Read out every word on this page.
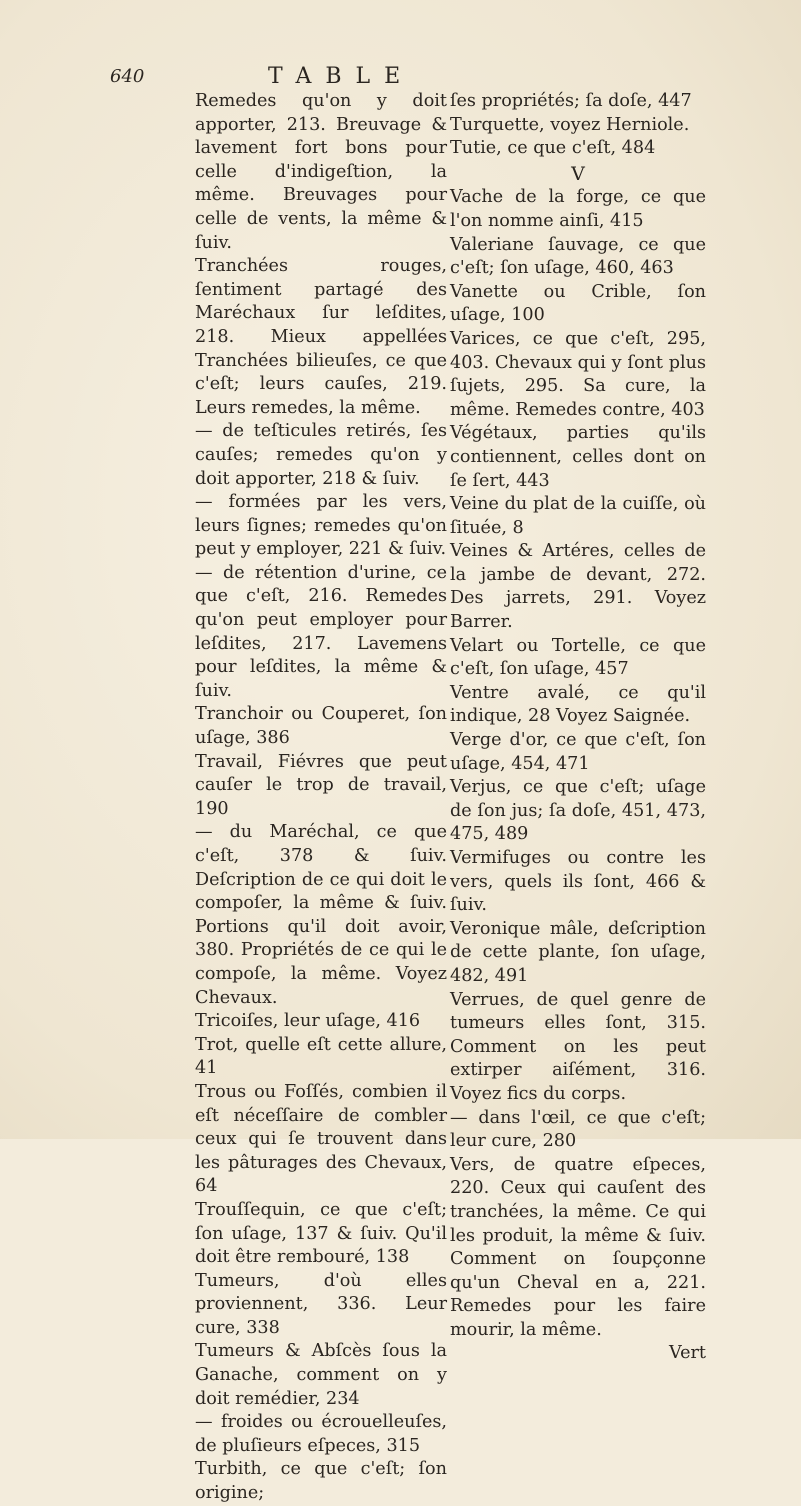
640	TABLE

Remedes qu'on y doit apporter, 213. Breuvage & lavement fort bons pour celle d'indigeſtion, la même. Breuvages pour celle de vents, la même & ſuiv.

Tranchées rouges, ſentiment partagé des Maréchaux ſur leſdites, 218. Mieux appellées Tranchées bilieuſes, ce que c'eſt; leurs cauſes, 219. Leurs remedes, la même.

— de teſticules retirés, ſes cauſes; remedes qu'on y doit apporter, 218 & ſuiv.

— formées par les vers, leurs ſignes; remedes qu'on peut y employer, 221 & ſuiv.

— de rétention d'urine, ce que c'eſt, 216. Remedes qu'on peut employer pour leſdites, 217. Lavemens pour leſdites, la même & ſuiv.

Tranchoir ou Couperet, ſon uſage, 386

Travail, Fiévres que peut cauſer le trop de travail, 190

— du Maréchal, ce que c'eſt, 378 & ſuiv. Deſcription de ce qui doit le compoſer, la même & ſuiv. Portions qu'il doit avoir, 380. Propriétés de ce qui le compoſe, la même. Voyez Chevaux.

Tricoiſes, leur uſage, 416

Trot, quelle eſt cette allure, 41

Trous ou Foſſés, combien il eſt néceſſaire de combler ceux qui ſe trouvent dans les pâturages des Chevaux, 64

Trouſſequin, ce que c'eſt; ſon uſage, 137 & ſuiv. Qu'il doit être rembouré, 138

Tumeurs, d'où elles proviennent, 336. Leur cure, 338

Tumeurs & Abſcès ſous la Ganache, comment on y doit remédier, 234

— froides ou écrouelleuſes, de pluſieurs eſpeces, 315

Turbith, ce que c'eſt; ſon origine;

ſes propriétés; ſa doſe, 447

Turquette, voyez Herniole.

Tutie, ce que c'eſt, 484

V

Vache de la forge, ce que l'on nomme ainſi, 415

Valeriane ſauvage, ce que c'eſt; ſon uſage, 460, 463

Vanette ou Crible, ſon uſage, 100

Varices, ce que c'eſt, 295, 403. Chevaux qui y ſont plus ſujets, 295. Sa cure, la même. Remedes contre, 403

Végétaux, parties qu'ils contiennent, celles dont on ſe ſert, 443

Veine du plat de la cuiſſe, où ſituée, 8

Veines & Artéres, celles de la jambe de devant, 272. Des jarrets, 291. Voyez Barrer.

Velart ou Tortelle, ce que c'eſt, ſon uſage, 457

Ventre avalé, ce qu'il indique, 28 Voyez Saignée.

Verge d'or, ce que c'eſt, ſon uſage, 454, 471

Verjus, ce que c'eſt; uſage de ſon jus; ſa doſe, 451, 473, 475, 489

Vermifuges ou contre les vers, quels ils ſont, 466 & ſuiv.

Veronique mâle, deſcription de cette plante, ſon uſage, 482, 491

Verrues, de quel genre de tumeurs elles ſont, 315. Comment on les peut extirper aiſément, 316. Voyez fics du corps.

— dans l'œil, ce que c'eſt; leur cure, 280

Vers, de quatre eſpeces, 220. Ceux qui cauſent des tranchées, la même. Ce qui les produit, la même & ſuiv. Comment on ſoupçonne qu'un Cheval en a, 221. Remedes pour les faire mourir, la même.

Vert
